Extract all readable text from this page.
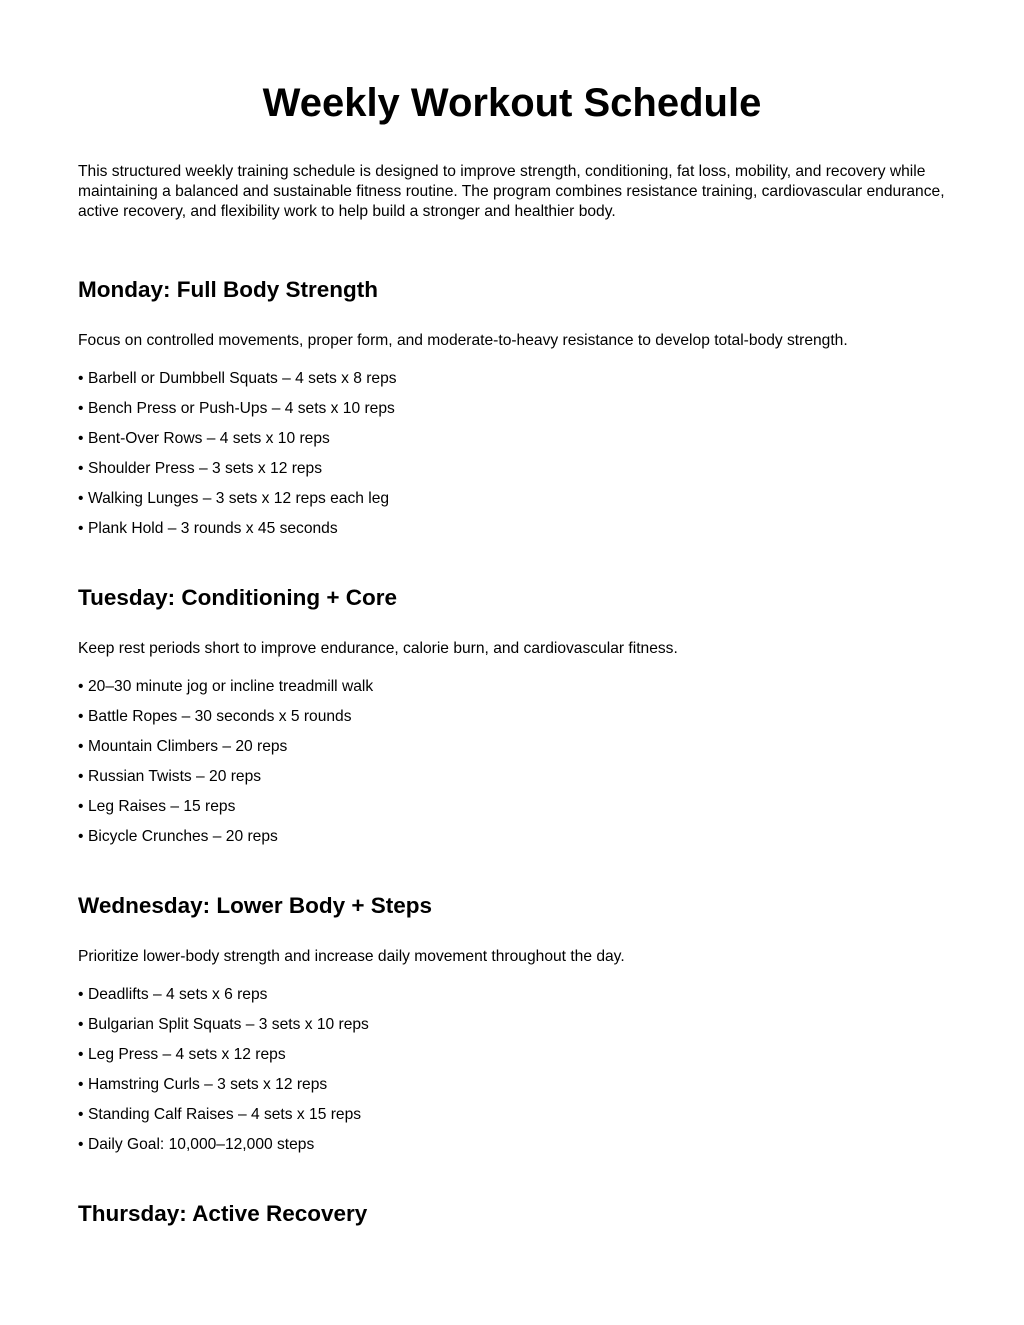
Weekly Workout Schedule

This structured weekly training schedule is designed to improve strength, conditioning, fat loss, mobility, and recovery while maintaining a balanced and sustainable fitness routine. The program combines resistance training, cardiovascular endurance, active recovery, and flexibility work to help build a stronger and healthier body.

Monday: Full Body Strength

Focus on controlled movements, proper form, and moderate-to-heavy resistance to develop total-body strength.

• Barbell or Dumbbell Squats – 4 sets x 8 reps
• Bench Press or Push-Ups – 4 sets x 10 reps
• Bent-Over Rows – 4 sets x 10 reps
• Shoulder Press – 3 sets x 12 reps
• Walking Lunges – 3 sets x 12 reps each leg
• Plank Hold – 3 rounds x 45 seconds
Tuesday: Conditioning + Core

Keep rest periods short to improve endurance, calorie burn, and cardiovascular fitness.

• 20–30 minute jog or incline treadmill walk
• Battle Ropes – 30 seconds x 5 rounds
• Mountain Climbers – 20 reps
• Russian Twists – 20 reps
• Leg Raises – 15 reps
• Bicycle Crunches – 20 reps
Wednesday: Lower Body + Steps

Prioritize lower-body strength and increase daily movement throughout the day.

• Deadlifts – 4 sets x 6 reps
• Bulgarian Split Squats – 3 sets x 10 reps
• Leg Press – 4 sets x 12 reps
• Hamstring Curls – 3 sets x 12 reps
• Standing Calf Raises – 4 sets x 15 reps
• Daily Goal: 10,000–12,000 steps
Thursday: Active Recovery
